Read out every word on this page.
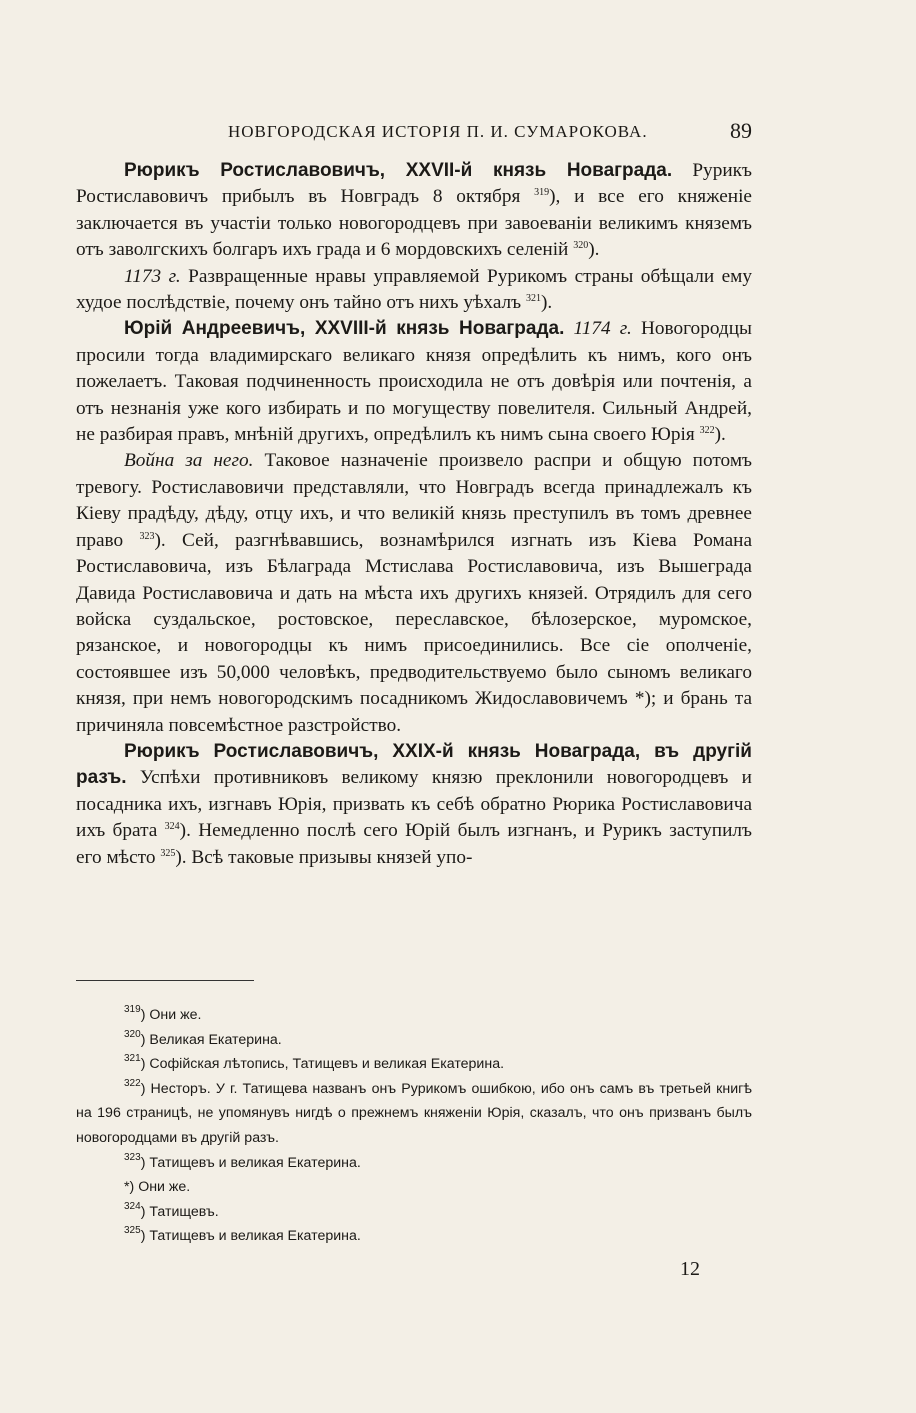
НОВГОРОДСКАЯ ИСТОРІЯ П. И. СУМАРОКОВА.	89

Рюрикъ Ростиславовичъ, XXVII-й князь Новаграда. Рурикъ Ростиславовичъ прибылъ въ Новградъ 8 октября $^{319}$), и все его княженіе заключается въ участіи только новогородцевъ при завоеваніи великимъ княземъ отъ заволгскихъ болгаръ ихъ града и 6 мордовскихъ селеній $^{320}$).

1173 г. Развращенные нравы управляемой Рурикомъ страны обѣщали ему худое послѣдствіе, почему онъ тайно отъ нихъ уѣхалъ $^{321}$).

Юрій Андреевичъ, XXVIII-й князь Новаграда. 1174 г. Новогородцы просили тогда владимирскаго великаго князя опредѣлить къ нимъ, кого онъ пожелаетъ. Таковая подчиненность происходила не отъ довѣрія или почтенія, а отъ незнанія уже кого избирать и по могуществу повелителя. Сильный Андрей, не разбирая правъ, мнѣній другихъ, опредѣлилъ къ нимъ сына своего Юрія $^{322}$).

Война за него. Таковое назначеніе произвело распри и общую потомъ тревогу. Ростиславовичи представляли, что Новградъ всегда принадлежалъ къ Кіеву прадѣду, дѣду, отцу ихъ, и что великій князь преступилъ въ томъ древнее право $^{323}$). Сей, разгнѣвавшись, вознамѣрился изгнать изъ Кіева Романа Ростиславовича, изъ Бѣлаграда Мстислава Ростиславовича, изъ Вышеграда Давида Ростиславовича и дать на мѣста ихъ другихъ князей. Отрядилъ для сего войска суздальское, ростовское, переславское, бѣлозерское, муромское, рязанское, и новогородцы къ нимъ присоединились. Все сіе ополченіе, состоявшее изъ 50,000 человѣкъ, предводительствуемо было сыномъ великаго князя, при немъ новогородскимъ посадникомъ Жидославовичемъ *); и брань та причиняла повсемѣстное разстройство.

Рюрикъ Ростиславовичъ, XXIX-й князь Новаграда, въ другій разъ. Успѣхи противниковъ великому князю преклонили новогородцевъ и посадника ихъ, изгнавъ Юрія, призвать къ себѣ обратно Рюрика Ростиславовича ихъ брата $^{324}$). Немедленно послѣ сего Юрій былъ изгнанъ, и Рурикъ заступилъ его мѣсто $^{325}$). Всѣ таковые призывы князей упо-

$^{319}$) Они же.

$^{320}$) Великая Екатерина.

$^{321}$) Софійская лѣтопись, Татищевъ и великая Екатерина.

$^{322}$) Несторъ. У г. Татищева названъ онъ Рурикомъ ошибкою, ибо онъ самъ въ третьей книгѣ на 196 страницѣ, не упомянувъ нигдѣ о прежнемъ княженіи Юрія, сказалъ, что онъ призванъ былъ новогородцами въ другій разъ.

$^{323}$) Татищевъ и великая Екатерина.

*) Они же.

$^{324}$) Татищевъ.

$^{325}$) Татищевъ и великая Екатерина.

12
